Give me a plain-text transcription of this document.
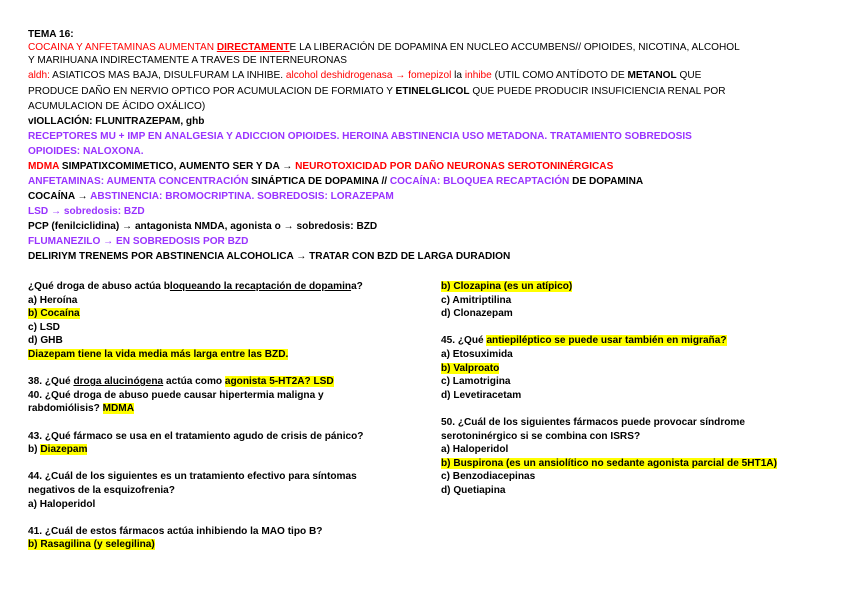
TEMA 16:
COCAINA Y ANFETAMINAS AUMENTAN DIRECTAMENTE LA LIBERACIÓN DE DOPAMINA EN NUCLEO ACCUMBENS// OPIOIDES, NICOTINA, ALCOHOL
Y MARIHUANA INDIRECTAMENTE A TRAVES DE INTERNEURONAS
aldh: ASIATICOS MAS BAJA, DISULFURAM LA INHIBE. alcohol deshidrogenasa → fomepizol la inhibe (UTIL COMO ANTÍDOTO DE METANOL QUE
PRODUCE DAÑO EN NERVIO OPTICO POR ACUMULACION DE FORMIATO Y ETINELGLICOL QUE PUEDE PRODUCIR INSUFICIENCIA RENAL POR
ACUMULACION DE ÁCIDO OXÁLICO)
vIOLLACIÓN: FLUNITRAZEPAM, ghb
RECEPTORES MU + IMP EN ANALGESIA Y ADICCION OPIOIDES. HEROINA ABSTINENCIA USO METADONA. TRATAMIENTO SOBREDOSIS
OPIOIDES: NALOXONA.
MDMA SIMPATIXCOMIMETICO, AUMENTO SER Y DA → NEUROTOXICIDAD POR DAÑO NEURONAS SEROTONINÉRGICAS
ANFETAMINAS: AUMENTA CONCENTRACIÓN SINÁPTICA DE DOPAMINA // COCAÍNA: BLOQUEA RECAPTACIÓN DE DOPAMINA
COCAÍNA → ABSTINENCIA: BROMOCRIPTINA. SOBREDOSIS: LORAZEPAM
LSD → sobredosis: BZD
PCP (fenilciclidina) → antagonista NMDA, agonista o → sobredosis: BZD
FLUMANEZILO → EN SOBREDOSIS POR BZD
DELIRIYM TRENEMS POR ABSTINENCIA ALCOHOLICA → TRATAR CON BZD DE LARGA DURADION

¿Qué droga de abuso actúa bloqueando la recaptación de dopamina?

a) Heroína

b) Cocaína

c) LSD

d) GHB

Diazepam tiene la vida media más larga entre las BZD.

38. ¿Qué droga alucinógena actúa como agonista 5-HT2A? LSD

40. ¿Qué droga de abuso puede causar hipertermia maligna y

rabdomiólisis? MDMA

43. ¿Qué fármaco se usa en el tratamiento agudo de crisis de pánico?

b) Diazepam

44. ¿Cuál de los siguientes es un tratamiento efectivo para síntomas

negativos de la esquizofrenia?

a) Haloperidol

41. ¿Cuál de estos fármacos actúa inhibiendo la MAO tipo B?

b) Rasagilina (y selegilina)

b) Clozapina (es un atípico)

c) Amitriptilina

d) Clonazepam

45. ¿Qué antiepiléptico se puede usar también en migraña?

a) Etosuximida

b) Valproato

c) Lamotrigina

d) Levetiracetam

50. ¿Cuál de los siguientes fármacos puede provocar síndrome

serotoninérgico si se combina con ISRS?

a) Haloperidol

b) Buspirona (es un ansiolítico no sedante agonista parcial de 5HT1A)

c) Benzodiacepinas

d) Quetiapina
